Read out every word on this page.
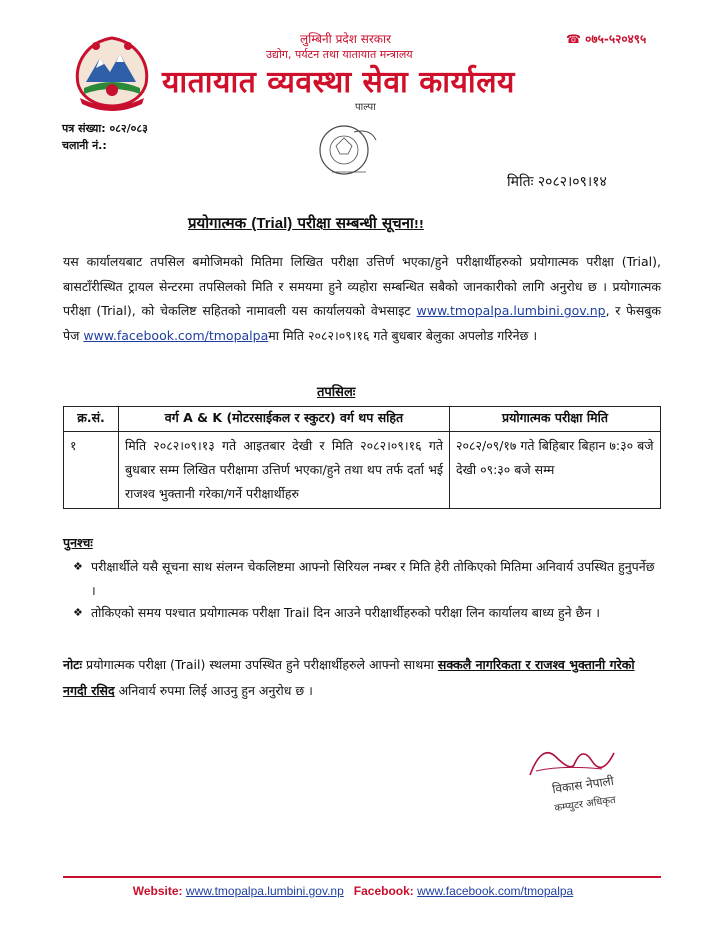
लुम्बिनी प्रदेश सरकार
उद्योग, पर्यटन तथा यातायात मन्त्रालय
☎ ०७५-५२०४९५
यातायात व्यवस्था सेवा कार्यालय
पाल्पा
पत्र संख्या: ०८२/०८३
चलानी नं.:
मितिः २०८२।०९।१४
प्रयोगात्मक (Trial) परीक्षा सम्बन्धी सूचना!!
यस कार्यालयबाट तपसिल बमोजिमको मितिमा लिखित परीक्षा उत्तिर्ण भएका/हुने परीक्षार्थीहरुको प्रयोगात्मक परीक्षा (Trial), बासटाँरीस्थित ट्रायल सेन्टरमा तपसिलको मिति र समयमा हुने व्यहोरा सम्बन्धित सबैको जानकारीको लागि अनुरोध छ । प्रयोगात्मक परीक्षा (Trial), को चेकलिष्ट सहितको नामावली यस कार्यालयको वेभसाइट www.tmopalpa.lumbini.gov.np, र फेसबुक पेज www.facebook.com/tmopalpaमा मिति २०८२।०९।१६ गते बुधबार बेलुका अपलोड गरिनेछ ।
तपसिलः
क्र.सं.	वर्ग A & K (मोटरसाईकल र स्कुटर) वर्ग थप सहित	प्रयोगात्मक परीक्षा मिति
१	मिति २०८२।०९।१३ गते आइतबार देखी र मिति २०८२।०९।१६ गते बुधबार सम्म लिखित परीक्षामा उत्तिर्ण भएका/हुने तथा थप तर्फ दर्ता भई राजश्व भुक्तानी गरेका/गर्ने परीक्षार्थीहरु	२०८२/०९/१७ गते बिहिबार बिहान ७:३० बजे देखी ०९:३० बजे सम्म
पुनश्चः
❖ परीक्षार्थीले यसै सूचना साथ संलग्न चेकलिष्टमा आफ्नो सिरियल नम्बर र मिति हेरी तोकिएको मितिमा अनिवार्य उपस्थित हुनुपर्नेछ ।
❖ तोकिएको समय पश्चात प्रयोगात्मक परीक्षा Trail दिन आउने परीक्षार्थीहरुको परीक्षा लिन कार्यालय बाध्य हुने छैन ।
नोटः प्रयोगात्मक परीक्षा (Trail) स्थलमा उपस्थित हुने परीक्षार्थीहरुले आफ्नो साथमा सक्कलै नागरिकता र राजश्व भुक्तानी गरेको नगदी रसिद अनिवार्य रुपमा लिई आउनु हुन अनुरोध छ ।
विकास नेपाली
कम्प्युटर अधिकृत
Website: www.tmopalpa.lumbini.gov.np Facebook: www.facebook.com/tmopalpa
